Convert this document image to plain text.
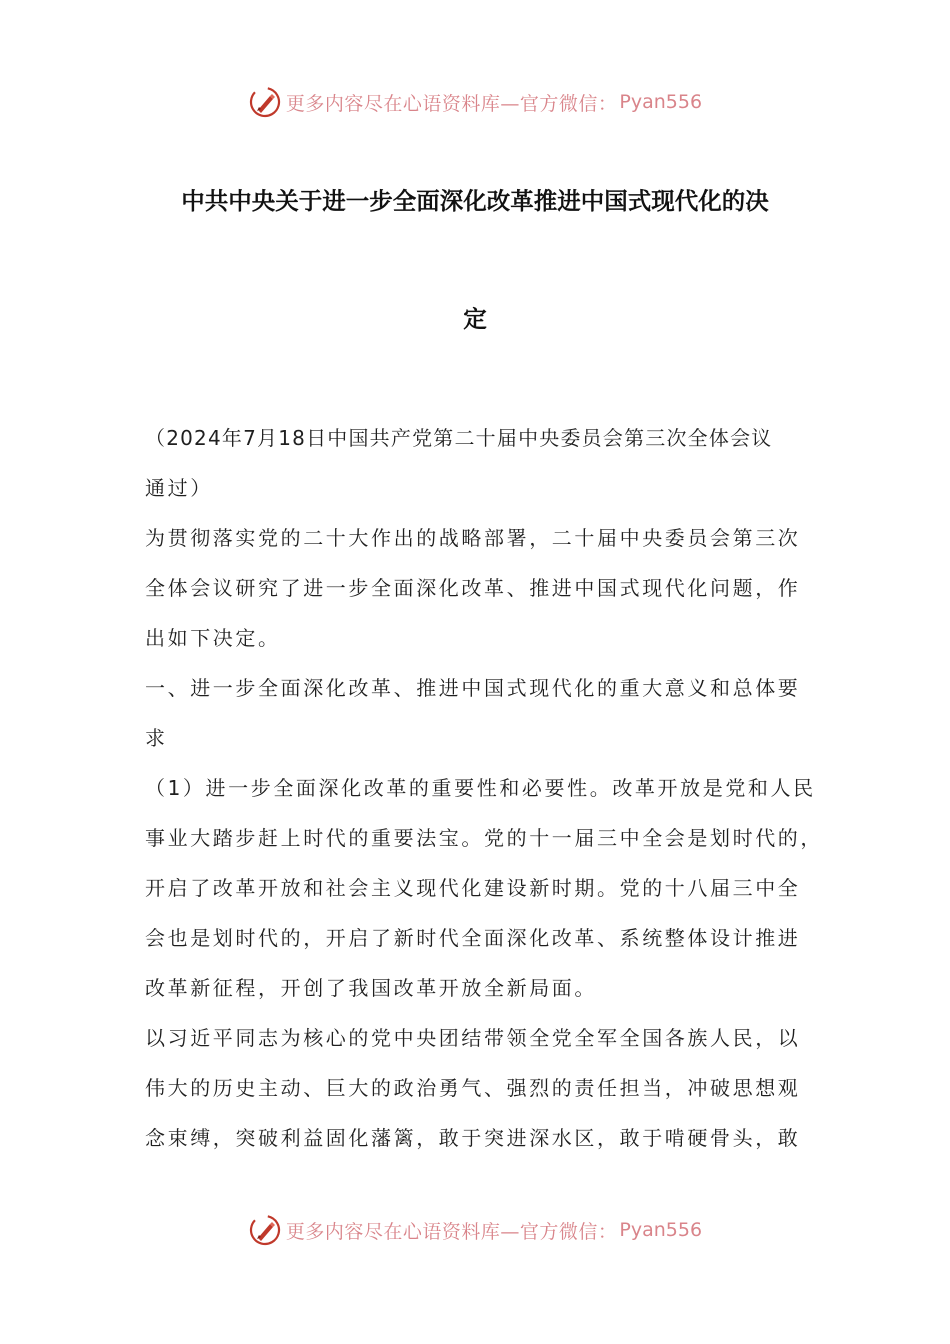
更多内容尽在心语资料库—官方微信： Pyan556
中共中央关于进一步全面深化改革推进中国式现代化的决
定
（2024年7月18日中国共产党第二十届中央委员会第三次全体会议
通过）
为贯彻落实党的二十大作出的战略部署，二十届中央委员会第三次
全体会议研究了进一步全面深化改革、推进中国式现代化问题，作
出如下决定。
一、进一步全面深化改革、推进中国式现代化的重大意义和总体要
求
（1）进一步全面深化改革的重要性和必要性。改革开放是党和人民
事业大踏步赶上时代的重要法宝。党的十一届三中全会是划时代的，
开启了改革开放和社会主义现代化建设新时期。党的十八届三中全
会也是划时代的，开启了新时代全面深化改革、系统整体设计推进
改革新征程，开创了我国改革开放全新局面。
以习近平同志为核心的党中央团结带领全党全军全国各族人民，以
伟大的历史主动、巨大的政治勇气、强烈的责任担当，冲破思想观
念束缚，突破利益固化藩篱，敢于突进深水区，敢于啃硬骨头，敢
更多内容尽在心语资料库—官方微信： Pyan556
